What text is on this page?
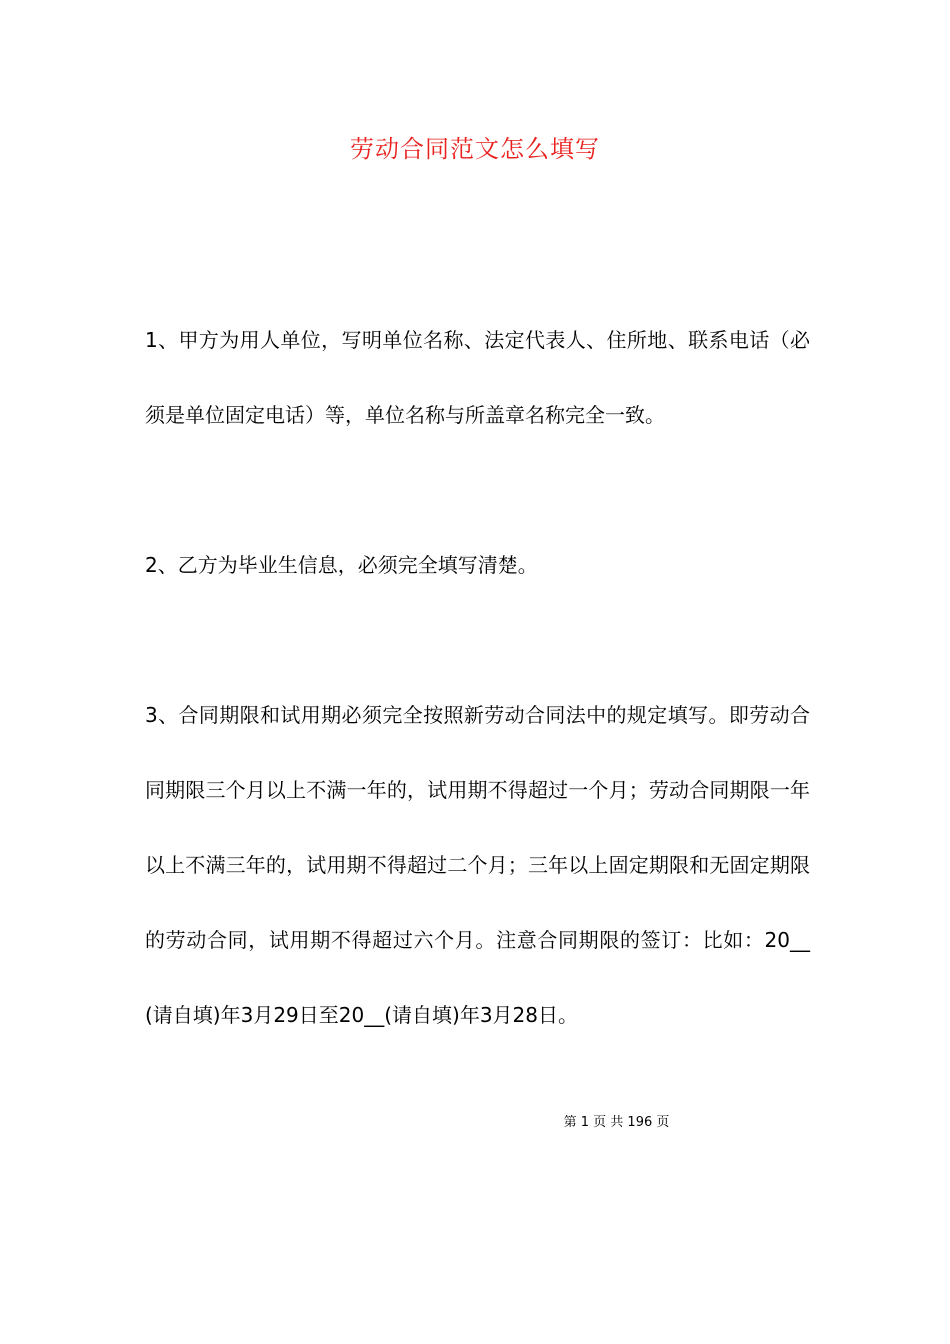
劳动合同范文怎么填写

1、甲方为用人单位，写明单位名称、法定代表人、住所地、联系电话（必须是单位固定电话）等，单位名称与所盖章名称完全一致。

2、乙方为毕业生信息，必须完全填写清楚。

3、合同期限和试用期必须完全按照新劳动合同法中的规定填写。即劳动合同期限三个月以上不满一年的，试用期不得超过一个月；劳动合同期限一年以上不满三年的，试用期不得超过二个月；三年以上固定期限和无固定期限的劳动合同，试用期不得超过六个月。注意合同期限的签订：比如：20__(请自填)年3月29日至20__(请自填)年3月28日。

第 1 页 共 196 页
